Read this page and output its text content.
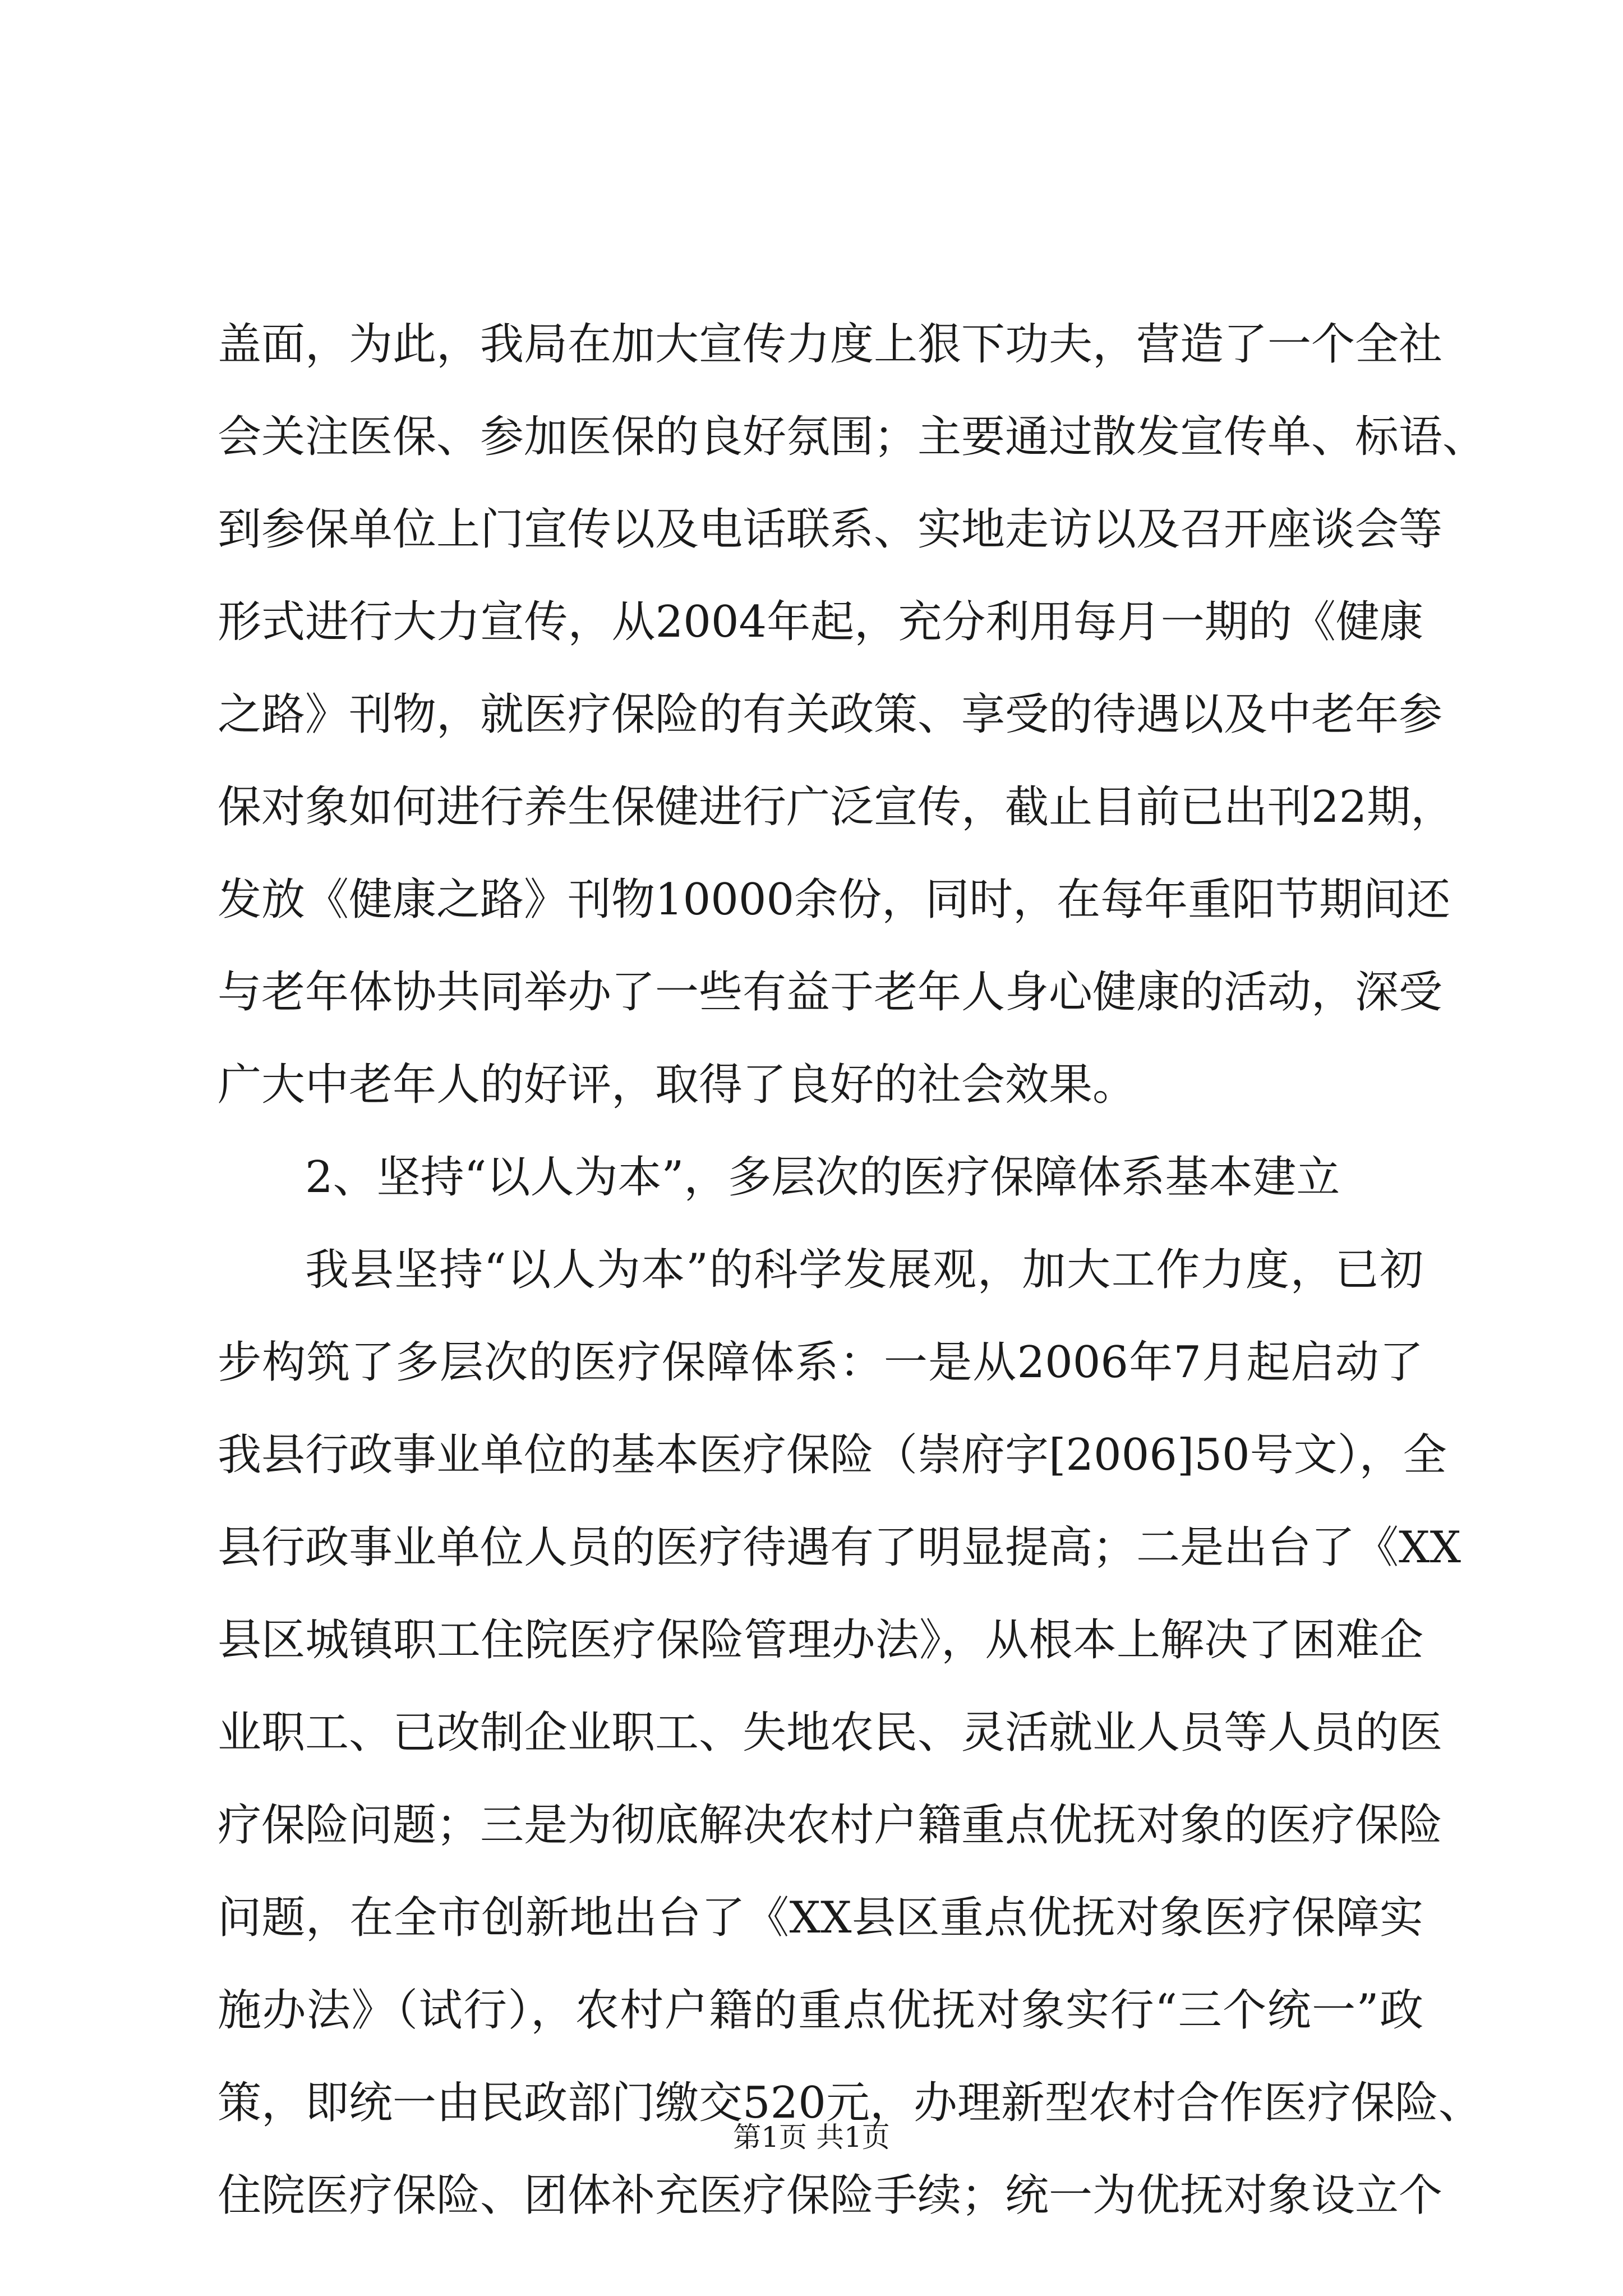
盖面，为此，我局在加大宣传力度上狠下功夫，营造了一个全社
会关注医保、参加医保的良好氛围；主要通过散发宣传单、标语、
到参保单位上门宣传以及电话联系、实地走访以及召开座谈会等
形式进行大力宣传，从2004年起，充分利用每月一期的《健康
之路》刊物，就医疗保险的有关政策、享受的待遇以及中老年参
保对象如何进行养生保健进行广泛宣传，截止目前已出刊22期，
发放《健康之路》刊物10000余份，同时，在每年重阳节期间还
与老年体协共同举办了一些有益于老年人身心健康的活动，深受
广大中老年人的好评，取得了良好的社会效果。
2、坚持“以人为本”，多层次的医疗保障体系基本建立
我县坚持“以人为本”的科学发展观，加大工作力度，已初
步构筑了多层次的医疗保障体系：一是从2006年7月起启动了
我县行政事业单位的基本医疗保险（崇府字[2006]50号文），全
县行政事业单位人员的医疗待遇有了明显提高；二是出台了《XX
县区城镇职工住院医疗保险管理办法》，从根本上解决了困难企
业职工、已改制企业职工、失地农民、灵活就业人员等人员的医
疗保险问题；三是为彻底解决农村户籍重点优抚对象的医疗保险
问题，在全市创新地出台了《XX县区重点优抚对象医疗保障实
施办法》（试行），农村户籍的重点优抚对象实行“三个统一”政
策，即统一由民政部门缴交520元，办理新型农村合作医疗保险、
住院医疗保险、团体补充医疗保险手续；统一为优抚对象设立个
第1页 共1页
